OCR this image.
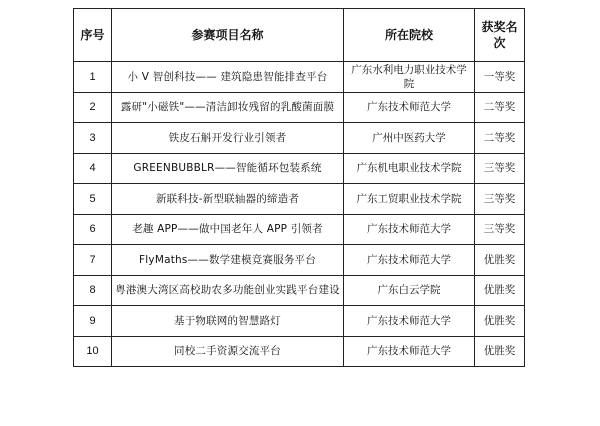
序号	参赛项目名称	所在院校	获奖名次
1	小 V 智创科技—— 建筑隐患智能排查平台	广东水利电力职业技术学院	一等奖
2	露研"小磁铁"——清洁卸妆残留的乳酸菌面膜	广东技术师范大学	二等奖
3	铁皮石斛开发行业引领者	广州中医药大学	二等奖
4	GREENBUBBLR——智能循环包装系统	广东机电职业技术学院	三等奖
5	新联科技-新型联轴器的缔造者	广东工贸职业技术学院	三等奖
6	老趣 APP——做中国老年人 APP 引领者	广东技术师范大学	三等奖
7	FlyMaths——数学建模竞赛服务平台	广东技术师范大学	优胜奖
8	粤港澳大湾区高校助农多功能创业实践平台建设	广东白云学院	优胜奖
9	基于物联网的智慧路灯	广东技术师范大学	优胜奖
10	同校二手资源交流平台	广东技术师范大学	优胜奖
